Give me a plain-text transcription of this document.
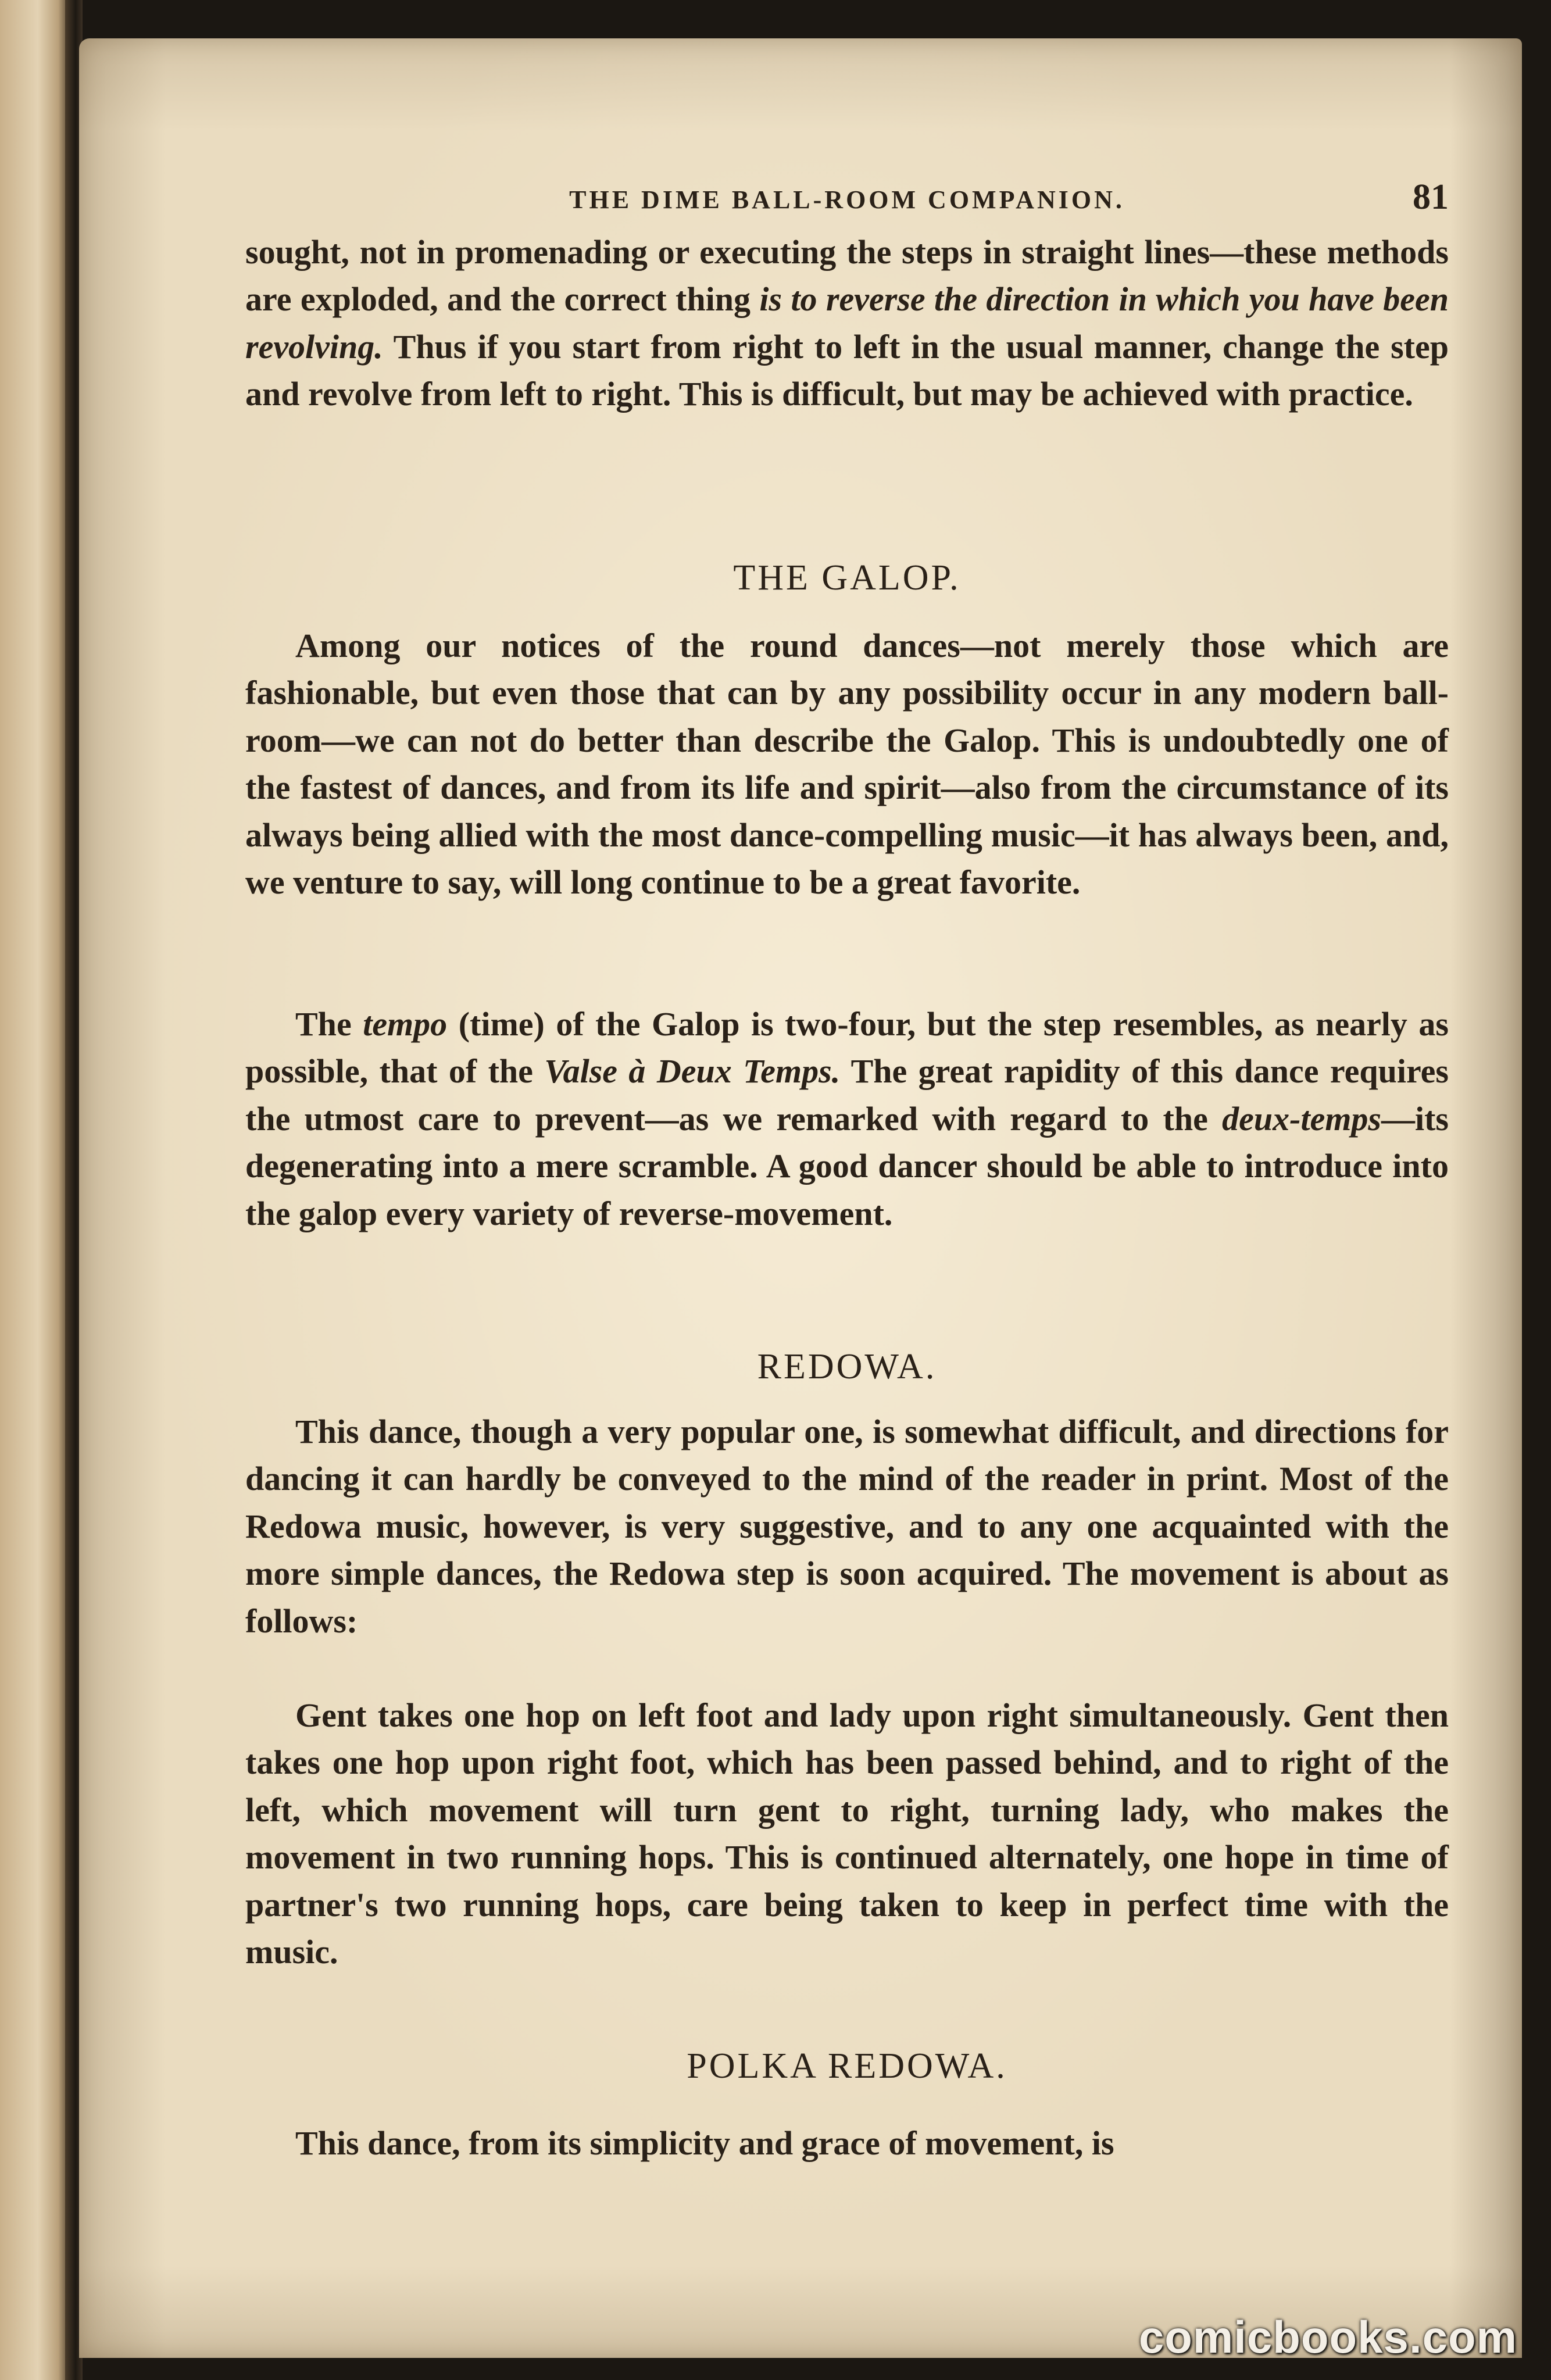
THE DIME BALL-ROOM COMPANION.	81

sought, not in promenading or executing the steps in straight lines—these methods are exploded, and the correct thing is to reverse the direction in which you have been revolving. Thus if you start from right to left in the usual manner, change the step and revolve from left to right. This is difficult, but may be achieved with practice.

THE GALOP.

Among our notices of the round dances—not merely those which are fashionable, but even those that can by any possibility occur in any modern ball-room—we can not do better than describe the Galop. This is undoubtedly one of the fastest of dances, and from its life and spirit—also from the circumstance of its always being allied with the most dance-compelling music—it has always been, and, we venture to say, will long continue to be a great favorite.

The tempo (time) of the Galop is two-four, but the step resembles, as nearly as possible, that of the Valse à Deux Temps. The great rapidity of this dance requires the utmost care to prevent—as we remarked with regard to the deux-temps—its degenerating into a mere scramble. A good dancer should be able to introduce into the galop every variety of reverse-movement.

REDOWA.

This dance, though a very popular one, is somewhat difficult, and directions for dancing it can hardly be conveyed to the mind of the reader in print. Most of the Redowa music, however, is very suggestive, and to any one acquainted with the more simple dances, the Redowa step is soon acquired. The movement is about as follows:

Gent takes one hop on left foot and lady upon right simultaneously. Gent then takes one hop upon right foot, which has been passed behind, and to right of the left, which movement will turn gent to right, turning lady, who makes the movement in two running hops. This is continued alternately, one hope in time of partner's two running hops, care being taken to keep in perfect time with the music.

POLKA REDOWA.

This dance, from its simplicity and grace of movement, is

comicbooks.com
